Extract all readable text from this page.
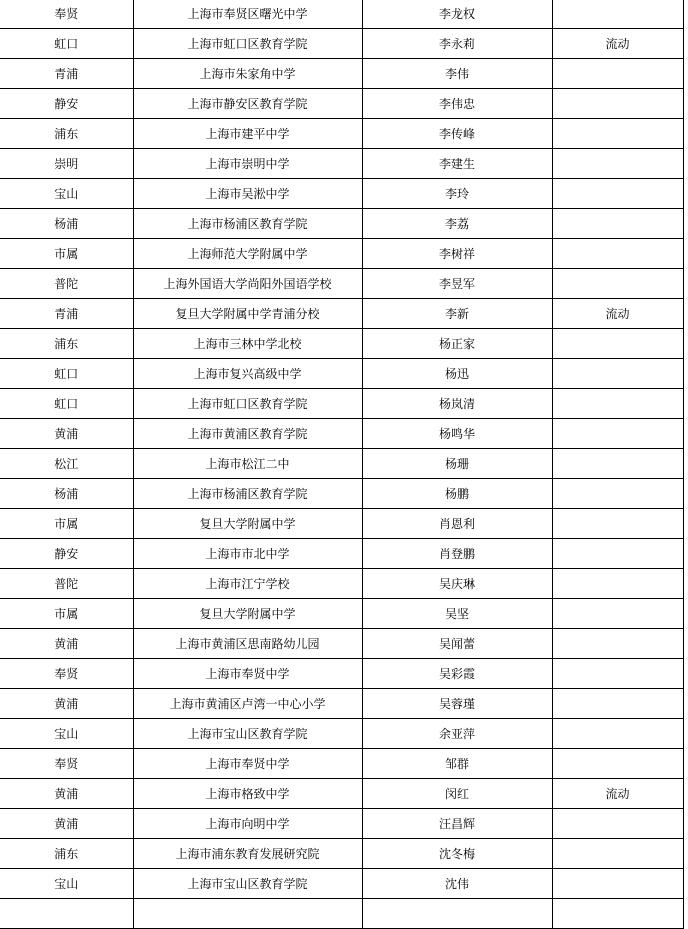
奉贤	上海市奉贤区曙光中学	李龙权	
虹口	上海市虹口区教育学院	李永莉	流动
青浦	上海市朱家角中学	李伟	
静安	上海市静安区教育学院	李伟忠	
浦东	上海市建平中学	李传峰	
崇明	上海市崇明中学	李建生	
宝山	上海市吴淞中学	李玲	
杨浦	上海市杨浦区教育学院	李荔	
市属	上海师范大学附属中学	李树祥	
普陀	上海外国语大学尚阳外国语学校	李昱军	
青浦	复旦大学附属中学青浦分校	李新	流动
浦东	上海市三林中学北校	杨正家	
虹口	上海市复兴高级中学	杨迅	
虹口	上海市虹口区教育学院	杨岚清	
黄浦	上海市黄浦区教育学院	杨鸣华	
松江	上海市松江二中	杨珊	
杨浦	上海市杨浦区教育学院	杨鹏	
市属	复旦大学附属中学	肖恩利	
静安	上海市市北中学	肖登鹏	
普陀	上海市江宁学校	吴庆琳	
市属	复旦大学附属中学	吴坚	
黄浦	上海市黄浦区思南路幼儿园	吴闻蕾	
奉贤	上海市奉贤中学	吴彩霞	
黄浦	上海市黄浦区卢湾一中心小学	吴蓉瑾	
宝山	上海市宝山区教育学院	余亚萍	
奉贤	上海市奉贤中学	邹群	
黄浦	上海市格致中学	闵红	流动
黄浦	上海市向明中学	汪昌辉	
浦东	上海市浦东教育发展研究院	沈冬梅	
宝山	上海市宝山区教育学院	沈伟	
